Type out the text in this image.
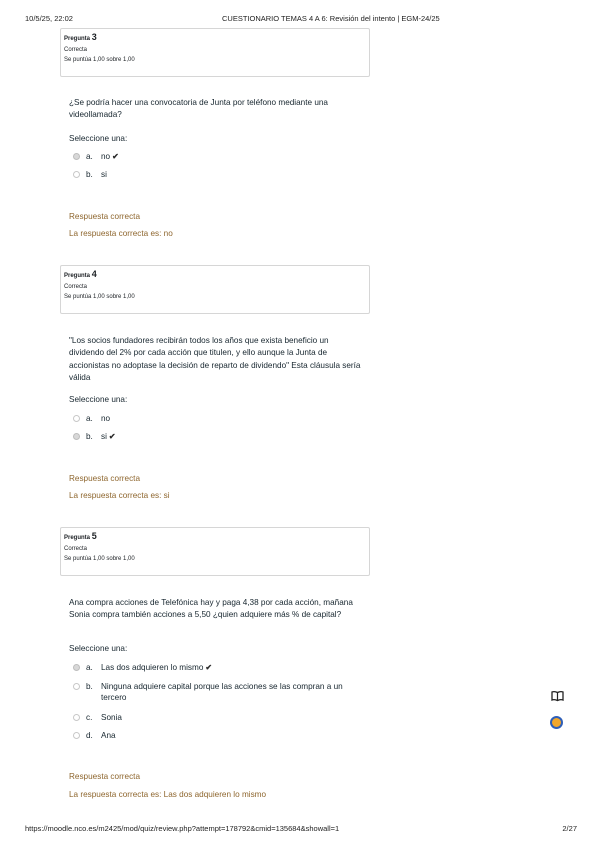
10/5/25, 22:02	CUESTIONARIO TEMAS 4 A 6: Revisión del intento | EGM-24/25
Pregunta 3
Correcta
Se puntúa 1,00 sobre 1,00
¿Se podría hacer una convocatoria de Junta por teléfono mediante una videollamada?
Seleccione una:
a. no ✔
b. si
Respuesta correcta
La respuesta correcta es: no
Pregunta 4
Correcta
Se puntúa 1,00 sobre 1,00
"Los socios fundadores recibirán todos los años que exista beneficio un dividendo del 2% por cada acción que titulen, y ello aunque la Junta de accionistas no adoptase la decisión de reparto de dividendo" Esta cláusula sería válida
Seleccione una:
a. no
b. si ✔
Respuesta correcta
La respuesta correcta es: si
Pregunta 5
Correcta
Se puntúa 1,00 sobre 1,00
Ana compra acciones de Telefónica hay y paga 4,38 por cada acción, mañana Sonia compra también acciones a 5,50 ¿quien adquiere más % de capital?
Seleccione una:
a. Las dos adquieren lo mismo ✔
b. Ninguna adquiere capital porque las acciones se las compran a un tercero
c. Sonia
d. Ana
Respuesta correcta
La respuesta correcta es: Las dos adquieren lo mismo
https://moodle.nco.es/m2425/mod/quiz/review.php?attempt=178792&cmid=135684&showall=1	2/27
